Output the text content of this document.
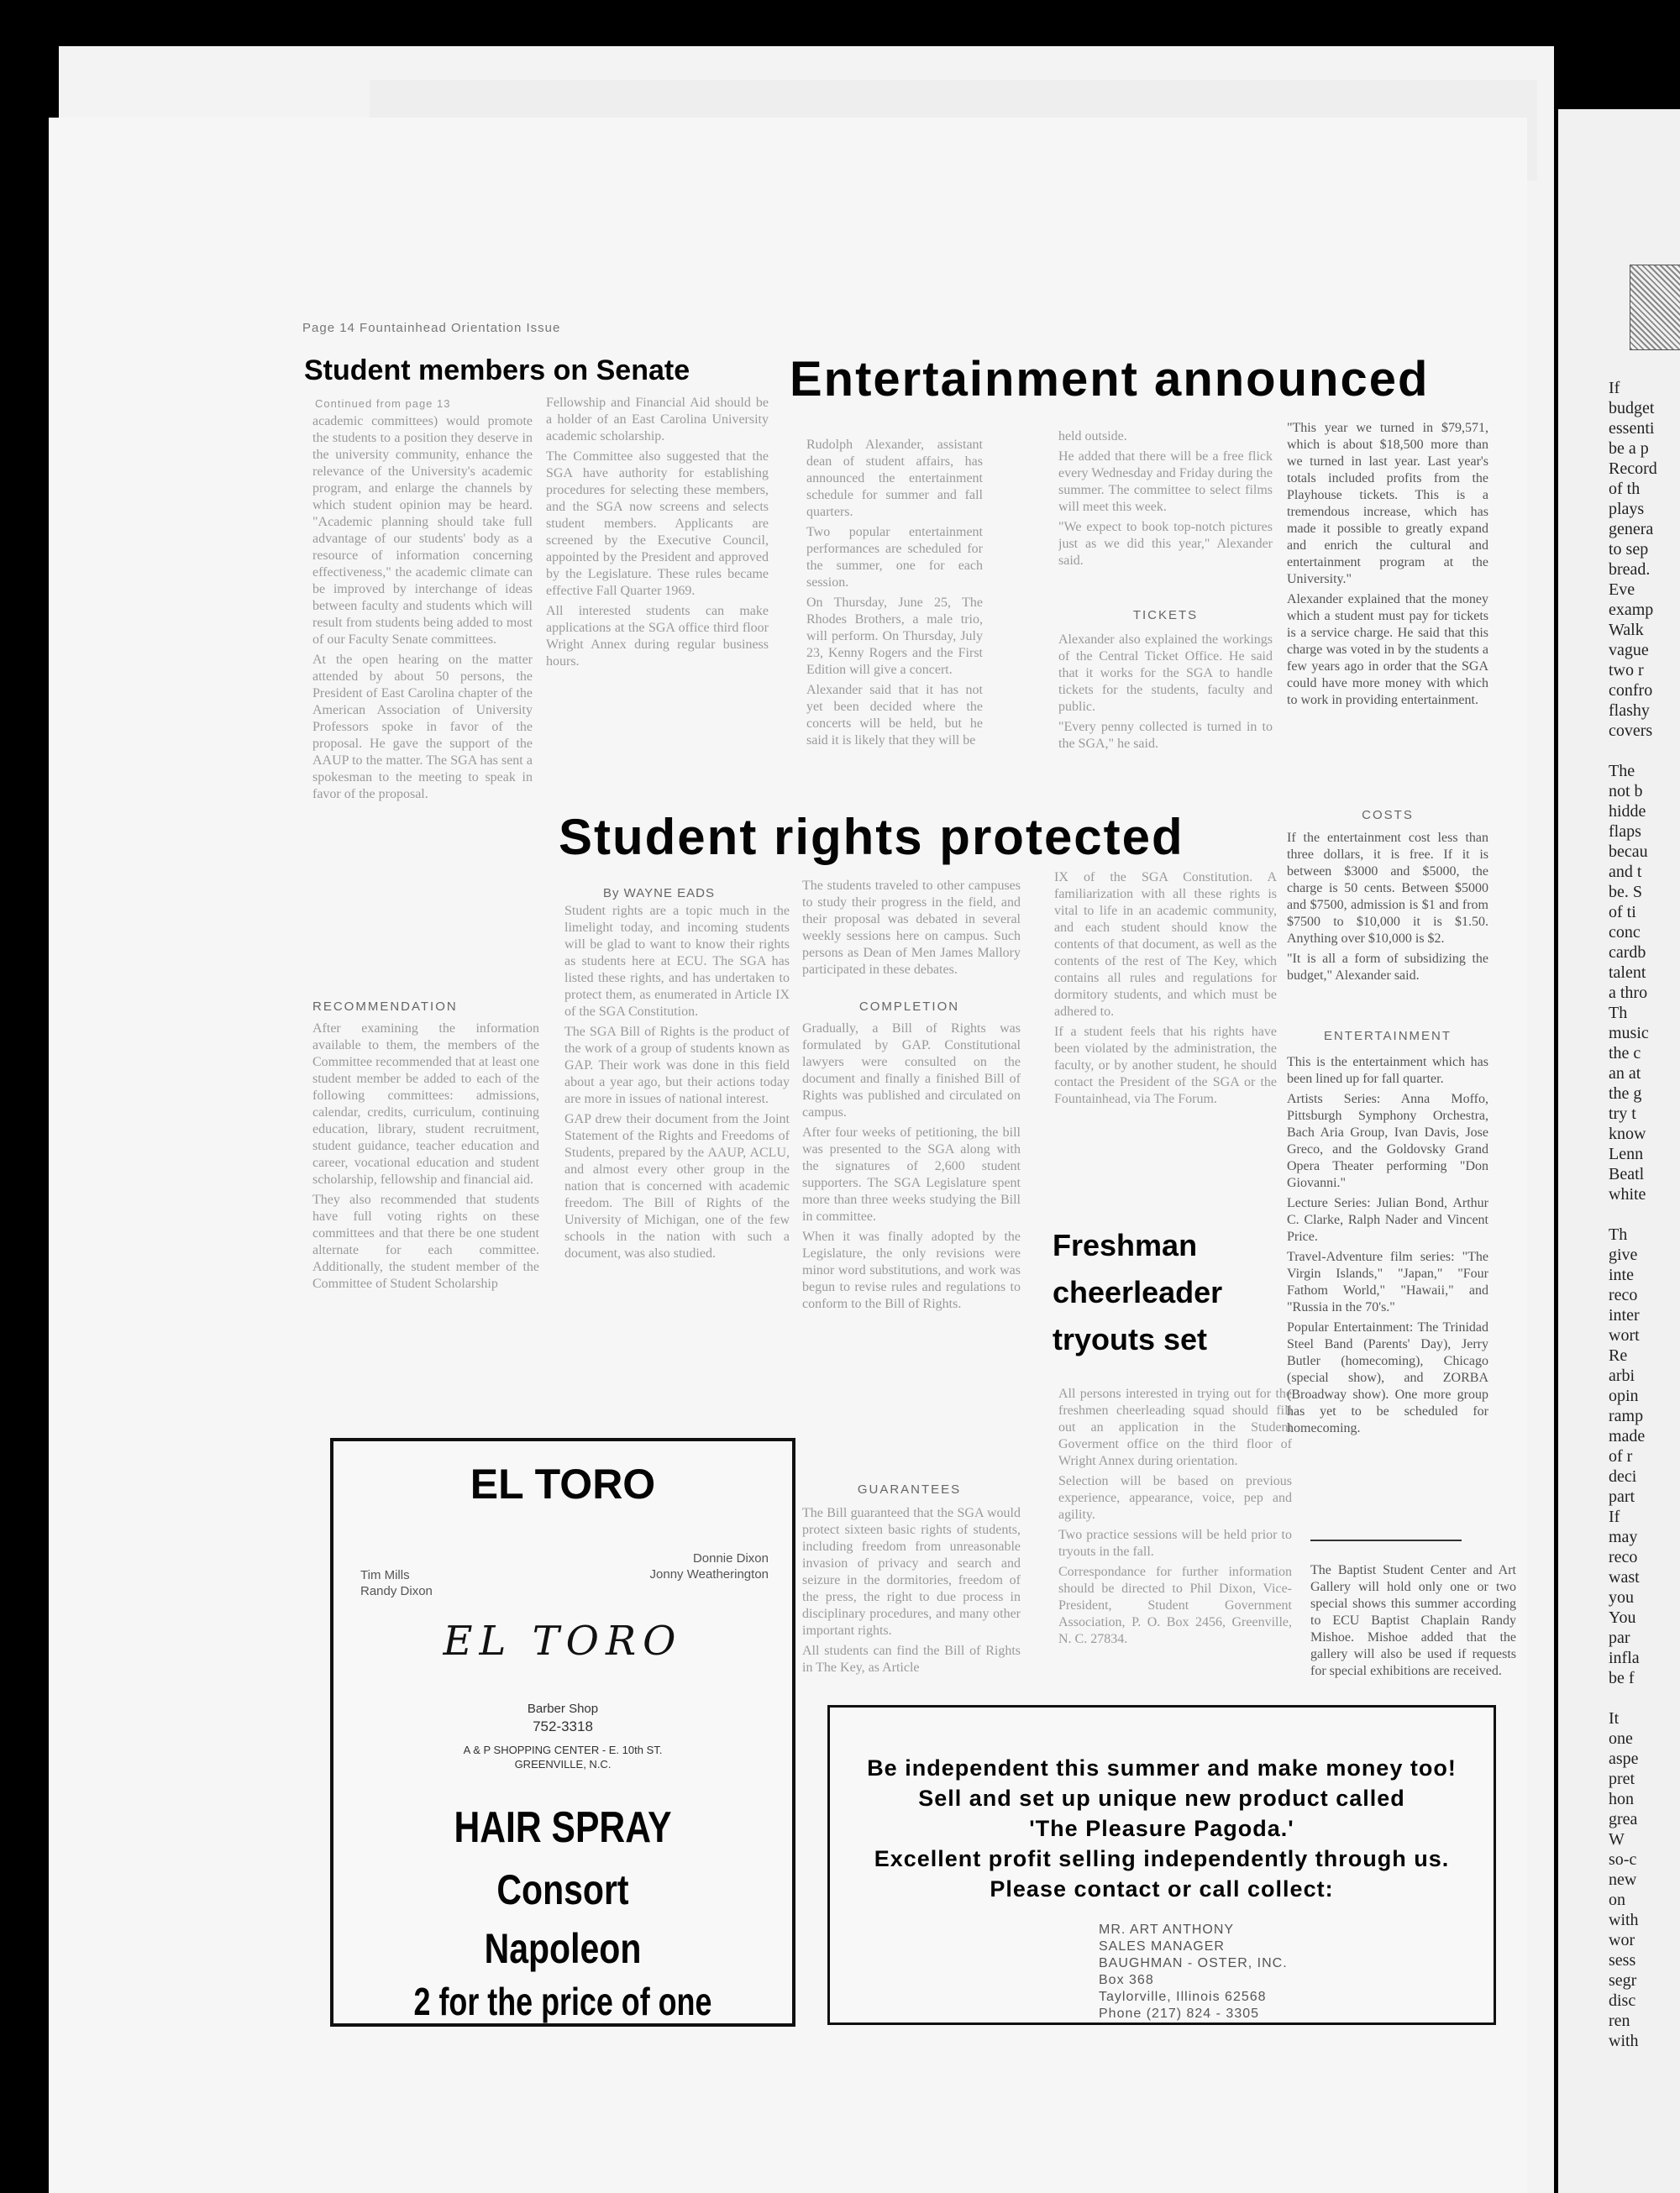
Page 14 Fountainhead Orientation Issue
Student members on Senate
Continued from page 13

academic committees) would promote the students to a position they deserve in the university community, enhance the relevance of the University's academic program, and enlarge the channels by which student opinion may be heard. "Academic planning should take full advantage of our students' body as a resource of information concerning effectiveness," the academic climate can be improved by interchange of ideas between faculty and students which will result from students being added to most of our Faculty Senate committees.

At the open hearing on the matter attended by about 50 persons, the President of East Carolina chapter of the American Association of University Professors spoke in favor of the proposal. He gave the support of the AAUP to the matter. The SGA has sent a spokesman to the meeting to speak in favor of the proposal.

RECOMMENDATION

After examining the information available to them, the members of the Committee recommended that at least one student member be added to each of the following committees: admissions, calendar, credits, curriculum, continuing education, library, student recruitment, student guidance, teacher education and career, vocational education and student scholarship, fellowship and financial aid.

They also recommended that students have full voting rights on these committees and that there be one student alternate for each committee. Additionally, the student member of the Committee of Student Scholarship

Fellowship and Financial Aid should be a holder of an East Carolina University academic scholarship.

The Committee also suggested that the SGA have authority for establishing procedures for selecting these members, and the SGA now screens and selects student members. Applicants are screened by the Executive Council, appointed by the President and approved by the Legislature. These rules became effective Fall Quarter 1969.

All interested students can make applications at the SGA office third floor Wright Annex during regular business hours.

Entertainment announced

Rudolph Alexander, assistant dean of student affairs, has announced the entertainment schedule for summer and fall quarters.

Two popular entertainment performances are scheduled for the summer, one for each session.

On Thursday, June 25, The Rhodes Brothers, a male trio, will perform. On Thursday, July 23, Kenny Rogers and the First Edition will give a concert.

Alexander said that it has not yet been decided where the concerts will be held, but he said it is likely that they will be

held outside.

He added that there will be a free flick every Wednesday and Friday during the summer. The committee to select films will meet this week.

"We expect to book top-notch pictures just as we did this year," Alexander said.

TICKETS

Alexander also explained the workings of the Central Ticket Office. He said that it works for the SGA to handle tickets for the students, faculty and public.

"Every penny collected is turned in to the SGA," he said.

"This year we turned in $79,571, which is about $18,500 more than we turned in last year. Last year's totals included profits from the Playhouse tickets. This is a tremendous increase, which has made it possible to greatly expand and enrich the cultural and entertainment program at the University."

Alexander explained that the money which a student must pay for tickets is a service charge. He said that this charge was voted in by the students a few years ago in order that the SGA could have more money with which to work in providing entertainment.

COSTS

If the entertainment cost less than three dollars, it is free. If it is between $3000 and $5000, the charge is 50 cents. Between $5000 and $7500, admission is $1 and from $7500 to $10,000 it is $1.50. Anything over $10,000 is $2.

"It is all a form of subsidizing the budget," Alexander said.

ENTERTAINMENT

This is the entertainment which has been lined up for fall quarter.

Artists Series: Anna Moffo, Pittsburgh Symphony Orchestra, Bach Aria Group, Ivan Davis, Jose Greco, and the Goldovsky Grand Opera Theater performing "Don Giovanni."

Lecture Series: Julian Bond, Arthur C. Clarke, Ralph Nader and Vincent Price.

Travel-Adventure film series: "The Virgin Islands," "Japan," "Four Fathom World," "Hawaii," and "Russia in the 70's."

Popular Entertainment: The Trinidad Steel Band (Parents' Day), Jerry Butler (homecoming), Chicago (special show), and ZORBA (Broadway show). One more group has yet to be scheduled for homecoming.

Student rights protected
By WAYNE EADS

Student rights are a topic much in the limelight today, and incoming students will be glad to want to know their rights as students here at ECU. The SGA has listed these rights, and has undertaken to protect them, as enumerated in Article IX of the SGA Constitution.

The SGA Bill of Rights is the product of the work of a group of students known as GAP. Their work was done in this field about a year ago, but their actions today are more in issues of national interest.

GAP drew their document from the Joint Statement of the Rights and Freedoms of Students, prepared by the AAUP, ACLU, and almost every other group in the nation that is concerned with academic freedom. The Bill of Rights of the University of Michigan, one of the few schools in the nation with such a document, was also studied.

The students traveled to other campuses to study their progress in the field, and their proposal was debated in several weekly sessions here on campus. Such persons as Dean of Men James Mallory participated in these debates.

COMPLETION

Gradually, a Bill of Rights was formulated by GAP. Constitutional lawyers were consulted on the document and finally a finished Bill of Rights was published and circulated on campus.

After four weeks of petitioning, the bill was presented to the SGA along with the signatures of 2,600 student supporters. The SGA Legislature spent more than three weeks studying the Bill in committee.

When it was finally adopted by the Legislature, the only revisions were minor word substitutions, and work was begun to revise rules and regulations to conform to the Bill of Rights.

GUARANTEES

The Bill guaranteed that the SGA would protect sixteen basic rights of students, including freedom from unreasonable invasion of privacy and search and seizure in the dormitories, freedom of the press, the right to due process in disciplinary procedures, and many other important rights.

All students can find the Bill of Rights in The Key, as Article

IX of the SGA Constitution. A familiarization with all these rights is vital to life in an academic community, and each student should know the contents of that document, as well as the contents of the rest of The Key, which contains all rules and regulations for dormitory students, and which must be adhered to.

If a student feels that his rights have been violated by the administration, the faculty, or by another student, he should contact the President of the SGA or the Fountainhead, via The Forum.

Freshman
cheerleader
tryouts set

All persons interested in trying out for the freshmen cheerleading squad should fill out an application in the Student Goverment office on the third floor of Wright Annex during orientation.

Selection will be based on previous experience, appearance, voice, pep and agility.

Two practice sessions will be held prior to tryouts in the fall.

Correspondance for further information should be directed to Phil Dixon, Vice-President, Student Government Association, P. O. Box 2456, Greenville, N. C. 27834.

The Baptist Student Center and Art Gallery will hold only one or two special shows this summer according to ECU Baptist Chaplain Randy Mishoe. Mishoe added that the gallery will also be used if requests for special exhibitions are received.

EL TORO
Tim Mills
Randy Dixon
Donnie Dixon
Jonny Weatherington
EL TORO
Barber Shop
752-3318
A & P SHOPPING CENTER - E. 10th ST.
GREENVILLE, N.C.
HAIR SPRAY
Consort
Napoleon
2 for the price of one
Be independent this summer and make money too!
Sell and set up unique new product called
'The Pleasure Pagoda.'
Excellent profit selling independently through us.
Please contact or call collect:
MR. ART ANTHONY
SALES MANAGER
BAUGHMAN - OSTER, INC.
Box 368
Taylorville, Illinois 62568
Phone (217) 824 - 3305
If
budget
essenti
be a p
Record
of th
plays
genera
to sep
bread.
Eve
examp
Walk
vague
two r
confro
flashy
covers

The
not b
hidde
flaps
becau
and t
be. S
of ti
conc
cardb
talent
a thro
Th
music
the c
an at
the g
try t
know
Lenn
Beatl
white

Th
give
inte
reco
inter
wort
Re
arbi
opin
ramp
made
of r
deci
part
If
may
reco
wast
you
You
par
infla
be f

It
one
aspe
pret
hon
grea
W
so-c
new
on
with
wor
sess
segr
disc
ren
with
